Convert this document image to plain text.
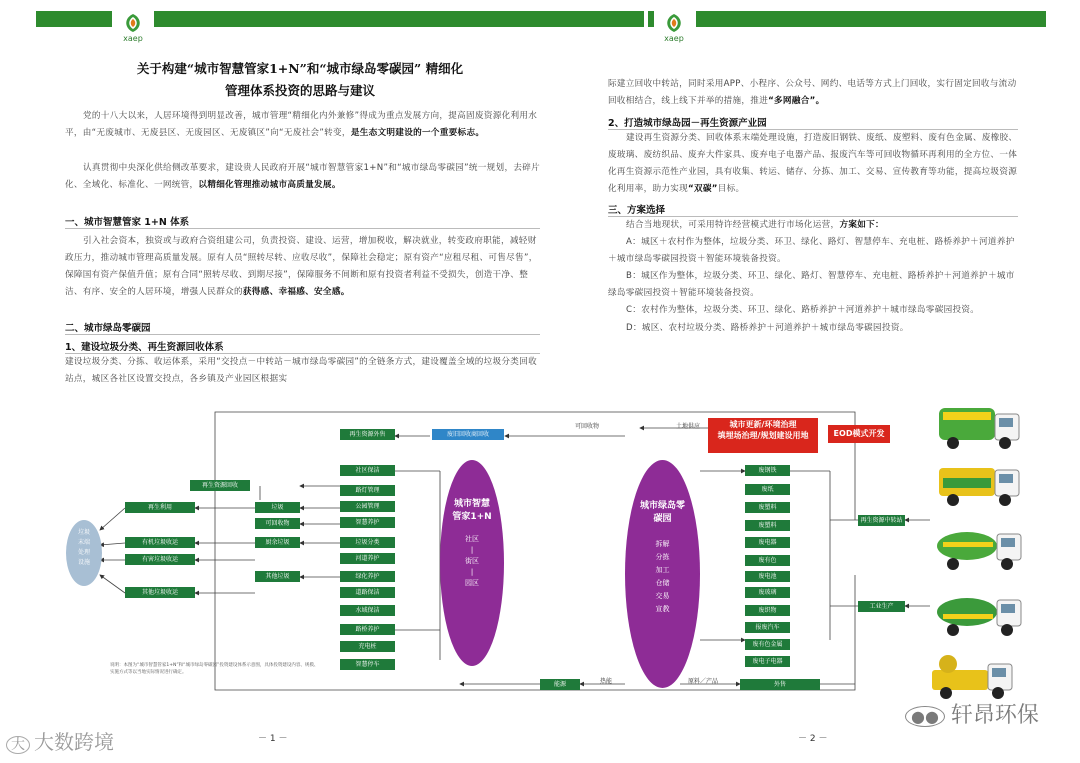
xaep	xaep
关于构建“城市智慧管家1+N”和“城市绿岛零碳园” 精细化
管理体系投资的思路与建议
党的十八大以来，人居环境得到明显改善，城市管理“精细化内外兼修”得成为重点发展方向，提高固废资源化利用水平，由“无废城市、无废县区、无废园区、无废镇区”向“无废社会”转变，是生态文明建设的一个重要标志。
认真贯彻中央深化供给侧改革要求，建设贵人民政府开展“城市智慧管家1+N”和“城市绿岛零碳园”统一规划，去碎片化、全域化、标准化、一网统管，以精细化管理推动城市高质量发展。
一、城市智慧管家 1+N 体系
引入社会资本，独资或与政府合资组建公司，负责投资、建设、运营，增加税收，解决就业，转变政府职能，减轻财政压力，推动城市管理高质量发展。原有人员“照转尽转、应收尽收”，保障社会稳定；原有资产“应租尽租、可售尽售”，保障国有资产保值升值；原有合同“照转尽收、到期尽接”，保障服务不间断和原有投资者利益不受损失，创造干净、整洁、有序、安全的人居环境，增强人民群众的获得感、幸福感、安全感。
二、城市绿岛零碳园
1、建设垃圾分类、再生资源回收体系
建设垃圾分类、分拣、收运体系，采用“交投点－中转站－城市绿岛零碳园”的全链条方式，建设覆盖全域的垃圾分类回收站点，城区各社区设置交投点，各乡镇及产业园区根据实
际建立回收中转站，同时采用APP、小程序、公众号、网约、电话等方式上门回收，实行固定回收与流动回收相结合，线上线下并举的措施，推进“多网融合”。
2、打造城市绿岛园－再生资源产业园
建设再生资源分类、回收体系末端处理设施，打造废旧钢铁、废纸、废塑料、废有色金属、废橡胶、废玻璃、废纺织品、废弃大件家具、废弃电子电器产品、报废汽车等可回收物循环再利用的全方位、一体化再生资源示范性产业园，具有收集、转运、储存、分拣、加工、交易、宣传教育等功能，提高垃圾资源化利用率，助力实现“双碳”目标。
三、方案选择
结合当地现状，可采用特许经营模式进行市场化运营，方案如下：
A：城区＋农村作为整体，垃圾分类、环卫、绿化、路灯、智慧停车、充电桩、路桥养护＋河道养护＋城市绿岛零碳园投资＋智能环境装备投资。
B：城区作为整体，垃圾分类、环卫、绿化、路灯、智慧停车、充电桩、路桥养护＋河道养护＋城市绿岛零碳园投资＋智能环境装备投资。
C：农村作为整体，垃圾分类、环卫、绿化、路桥养护＋河道养护＋城市绿岛零碳园投资。
D：城区、农村垃圾分类、路桥养护＋河道养护＋城市绿岛零碳园投资。
再生资源外售	废旧回收商回收
再生资源回收
可回收物	土地供应
垃圾
末端
处理
设施
再生利用
有机垃圾收运
有害垃圾收运
其他垃圾收运
垃圾
可回收物
厨余垃圾
其他垃圾
社区保洁
路灯管理
公园管理
智慧养护
垃圾分类
河道养护
绿化养护
道路保洁
水域保洁
路桥养护
充电桩
智慧停车
城市智慧管家1+N
社区
|
街区
|
园区
城市绿岛零碳园
拆解
分拣
加工
仓储
交易
宣教
城市更新/环境治理
填埋场治理/规划建设用地	EOD模式开发
废钢铁
废纸
废塑料
废塑料
废电器
废有色
废电池
废玻璃
废织物
报废汽车
废有色金属
废电子电器
再生资源中转站
工业生产
能源	外售
热能	原料／产品
说明：本图为“城市智慧管家1+N”和“城市绿岛零碳园”投资建设体系示意图，具体投资建设内容、规模、实施方式等以当地实际情况进行确定。
－ 1 －	－ 2 －
大 大数跨境
●● 轩昂环保
